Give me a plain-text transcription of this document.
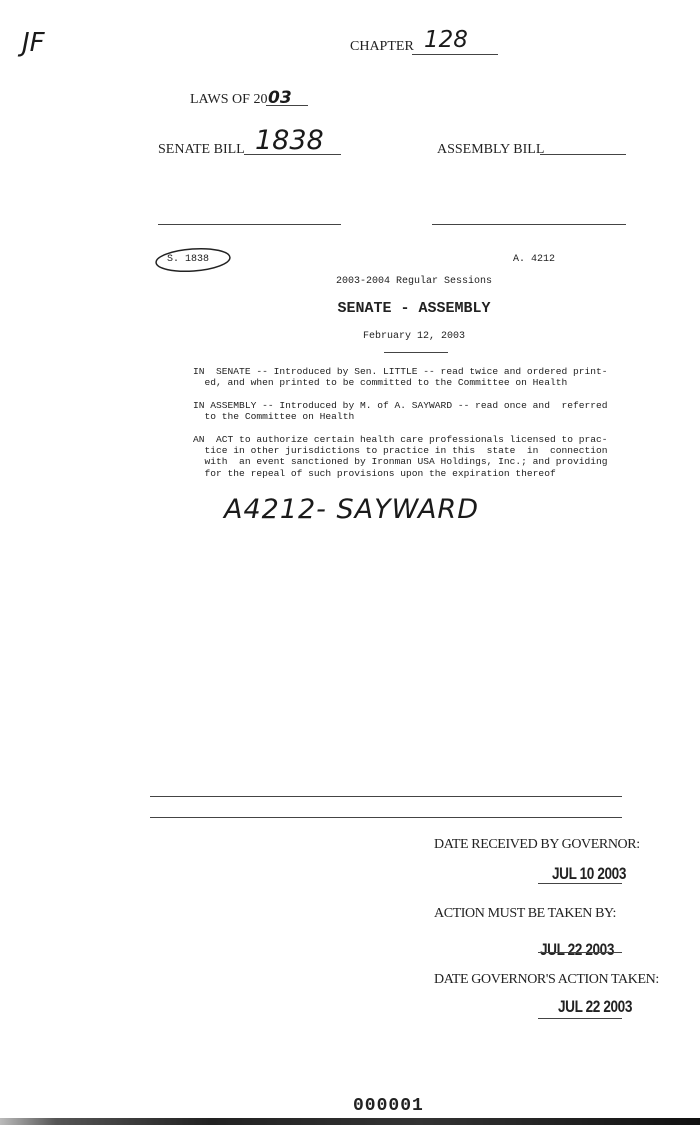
JF	CHAPTER 128
LAWS OF 20 03
SENATE BILL 1838	ASSEMBLY BILL
S. 1838	A. 4212
2003-2004 Regular Sessions
SENATE - ASSEMBLY
February 12, 2003
IN  SENATE -- Introduced by Sen. LITTLE -- read twice and ordered print-
ed, and when printed to be committed to the Committee on Health
IN ASSEMBLY -- Introduced by M. of A. SAYWARD -- read once and  referred
to the Committee on Health
AN  ACT to authorize certain health care professionals licensed to prac-
tice in other jurisdictions to practice in this  state  in  connection
with  an event sanctioned by Ironman USA Holdings, Inc.; and providing
for the repeal of such provisions upon the expiration thereof
A4212- SAYWARD
DATE RECEIVED BY GOVERNOR:
JUL 10 2003
ACTION MUST BE TAKEN BY:
JUL 22 2003
DATE GOVERNOR'S ACTION TAKEN:
JUL 22 2003
000001
